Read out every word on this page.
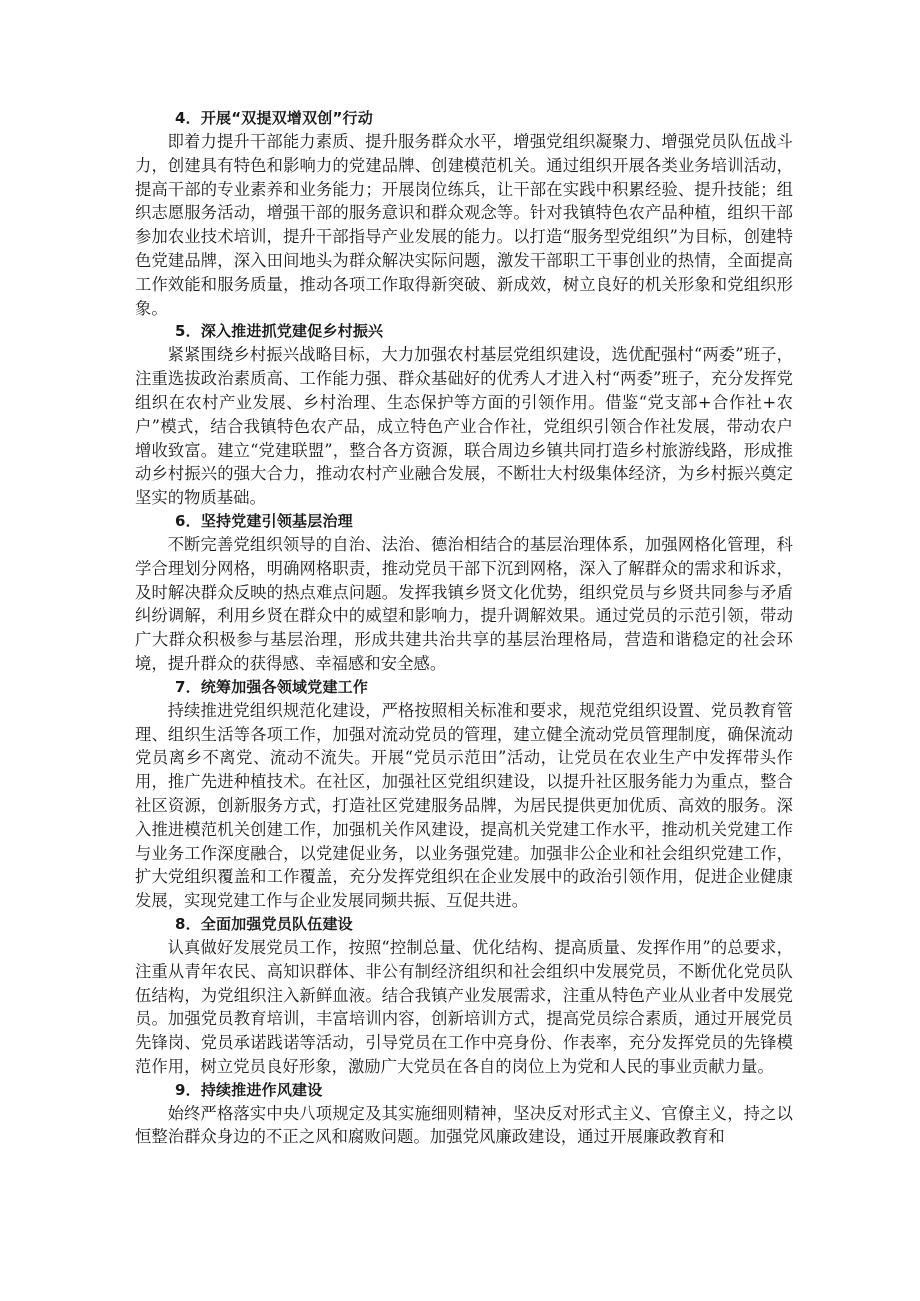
4．开展“双提双增双创”行动

即着力提升干部能力素质、提升服务群众水平，增强党组织凝聚力、增强党员队伍战斗力，创建具有特色和影响力的党建品牌、创建模范机关。通过组织开展各类业务培训活动，提高干部的专业素养和业务能力；开展岗位练兵，让干部在实践中积累经验、提升技能；组织志愿服务活动，增强干部的服务意识和群众观念等。针对我镇特色农产品种植，组织干部参加农业技术培训，提升干部指导产业发展的能力。以打造“服务型党组织”为目标，创建特色党建品牌，深入田间地头为群众解决实际问题，激发干部职工干事创业的热情，全面提高工作效能和服务质量，推动各项工作取得新突破、新成效，树立良好的机关形象和党组织形象。

5．深入推进抓党建促乡村振兴

紧紧围绕乡村振兴战略目标，大力加强农村基层党组织建设，选优配强村“两委”班子，注重选拔政治素质高、工作能力强、群众基础好的优秀人才进入村“两委”班子，充分发挥党组织在农村产业发展、乡村治理、生态保护等方面的引领作用。借鉴“党支部+合作社+农户”模式，结合我镇特色农产品，成立特色产业合作社，党组织引领合作社发展，带动农户增收致富。建立“党建联盟”，整合各方资源，联合周边乡镇共同打造乡村旅游线路，形成推动乡村振兴的强大合力，推动农村产业融合发展，不断壮大村级集体经济，为乡村振兴奠定坚实的物质基础。

6．坚持党建引领基层治理

不断完善党组织领导的自治、法治、德治相结合的基层治理体系，加强网格化管理，科学合理划分网格，明确网格职责，推动党员干部下沉到网格，深入了解群众的需求和诉求，及时解决群众反映的热点难点问题。发挥我镇乡贤文化优势，组织党员与乡贤共同参与矛盾纠纷调解，利用乡贤在群众中的威望和影响力，提升调解效果。通过党员的示范引领，带动广大群众积极参与基层治理，形成共建共治共享的基层治理格局，营造和谐稳定的社会环境，提升群众的获得感、幸福感和安全感。

7．统筹加强各领域党建工作

持续推进党组织规范化建设，严格按照相关标准和要求，规范党组织设置、党员教育管理、组织生活等各项工作，加强对流动党员的管理，建立健全流动党员管理制度，确保流动党员离乡不离党、流动不流失。开展“党员示范田”活动，让党员在农业生产中发挥带头作用，推广先进种植技术。在社区，加强社区党组织建设，以提升社区服务能力为重点，整合社区资源，创新服务方式，打造社区党建服务品牌，为居民提供更加优质、高效的服务。深入推进模范机关创建工作，加强机关作风建设，提高机关党建工作水平，推动机关党建工作与业务工作深度融合，以党建促业务，以业务强党建。加强非公企业和社会组织党建工作，扩大党组织覆盖和工作覆盖，充分发挥党组织在企业发展中的政治引领作用，促进企业健康发展，实现党建工作与企业发展同频共振、互促共进。

8．全面加强党员队伍建设

认真做好发展党员工作，按照“控制总量、优化结构、提高质量、发挥作用”的总要求，注重从青年农民、高知识群体、非公有制经济组织和社会组织中发展党员，不断优化党员队伍结构，为党组织注入新鲜血液。结合我镇产业发展需求，注重从特色产业从业者中发展党员。加强党员教育培训，丰富培训内容，创新培训方式，提高党员综合素质，通过开展党员先锋岗、党员承诺践诺等活动，引导党员在工作中亮身份、作表率，充分发挥党员的先锋模范作用，树立党员良好形象，激励广大党员在各自的岗位上为党和人民的事业贡献力量。

9．持续推进作风建设

始终严格落实中央八项规定及其实施细则精神，坚决反对形式主义、官僚主义，持之以恒整治群众身边的不正之风和腐败问题。加强党风廉政建设，通过开展廉政教育和
